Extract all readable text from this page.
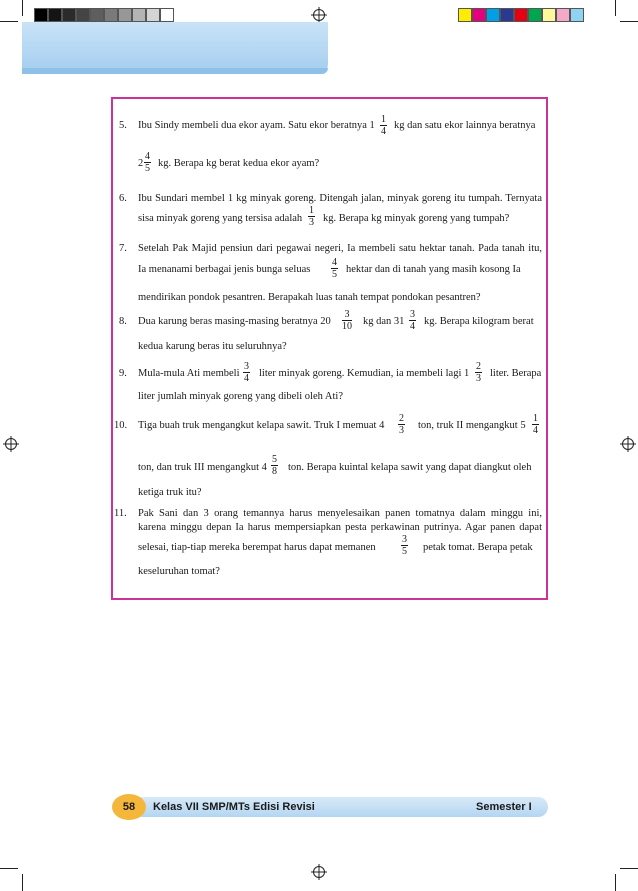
5. Ibu Sindy membeli dua ekor ayam. Satu ekor beratnya $1 \frac{1}{4}$ kg dan satu ekor lainnya beratnya
$2 \frac{4}{5}$ kg. Berapa kg berat kedua ekor ayam?
6. Ibu Sundari membel 1 kg minyak goreng. Ditengah jalan, minyak goreng itu tumpah. Ternyata
sisa minyak goreng yang tersisa adalah $\frac{1}{3}$ kg. Berapa kg minyak goreng yang tumpah?
7. Setelah Pak Majid pensiun dari pegawai negeri, Ia membeli satu hektar tanah. Pada tanah itu,
Ia menanami berbagai jenis bunga seluas $\frac{4}{5}$ hektar dan di tanah yang masih kosong Ia
mendirikan pondok pesantren. Berapakah luas tanah tempat pondokan pesantren?
8. Dua karung beras masing-masing beratnya $20 \frac{3}{10}$ kg dan $31 \frac{3}{4}$ kg. Berapa kilogram berat
kedua karung beras itu seluruhnya?
9. Mula-mula Ati membeli $\frac{3}{4}$ liter minyak goreng. Kemudian, ia membeli lagi $1 \frac{2}{3}$ liter. Berapa
liter jumlah minyak goreng yang dibeli oleh Ati?
10. Tiga buah truk mengangkut kelapa sawit. Truk I memuat $4 \frac{2}{3}$ ton, truk II mengangkut $5 \frac{1}{4}$
ton, dan truk III mengangkut $4 \frac{5}{8}$ ton. Berapa kuintal kelapa sawit yang dapat diangkut oleh
ketiga truk itu?
11. Pak Sani dan 3 orang temannya harus menyelesaikan panen tomatnya dalam minggu ini,
karena minggu depan Ia harus mempersiapkan pesta perkawinan putrinya. Agar panen dapat
selesai, tiap-tiap mereka berempat harus dapat memanen	$\frac{3}{5}$ petak tomat. Berapa petak
keseluruhan tomat?
58	Kelas VII SMP/MTs Edisi Revisi	Semester I
